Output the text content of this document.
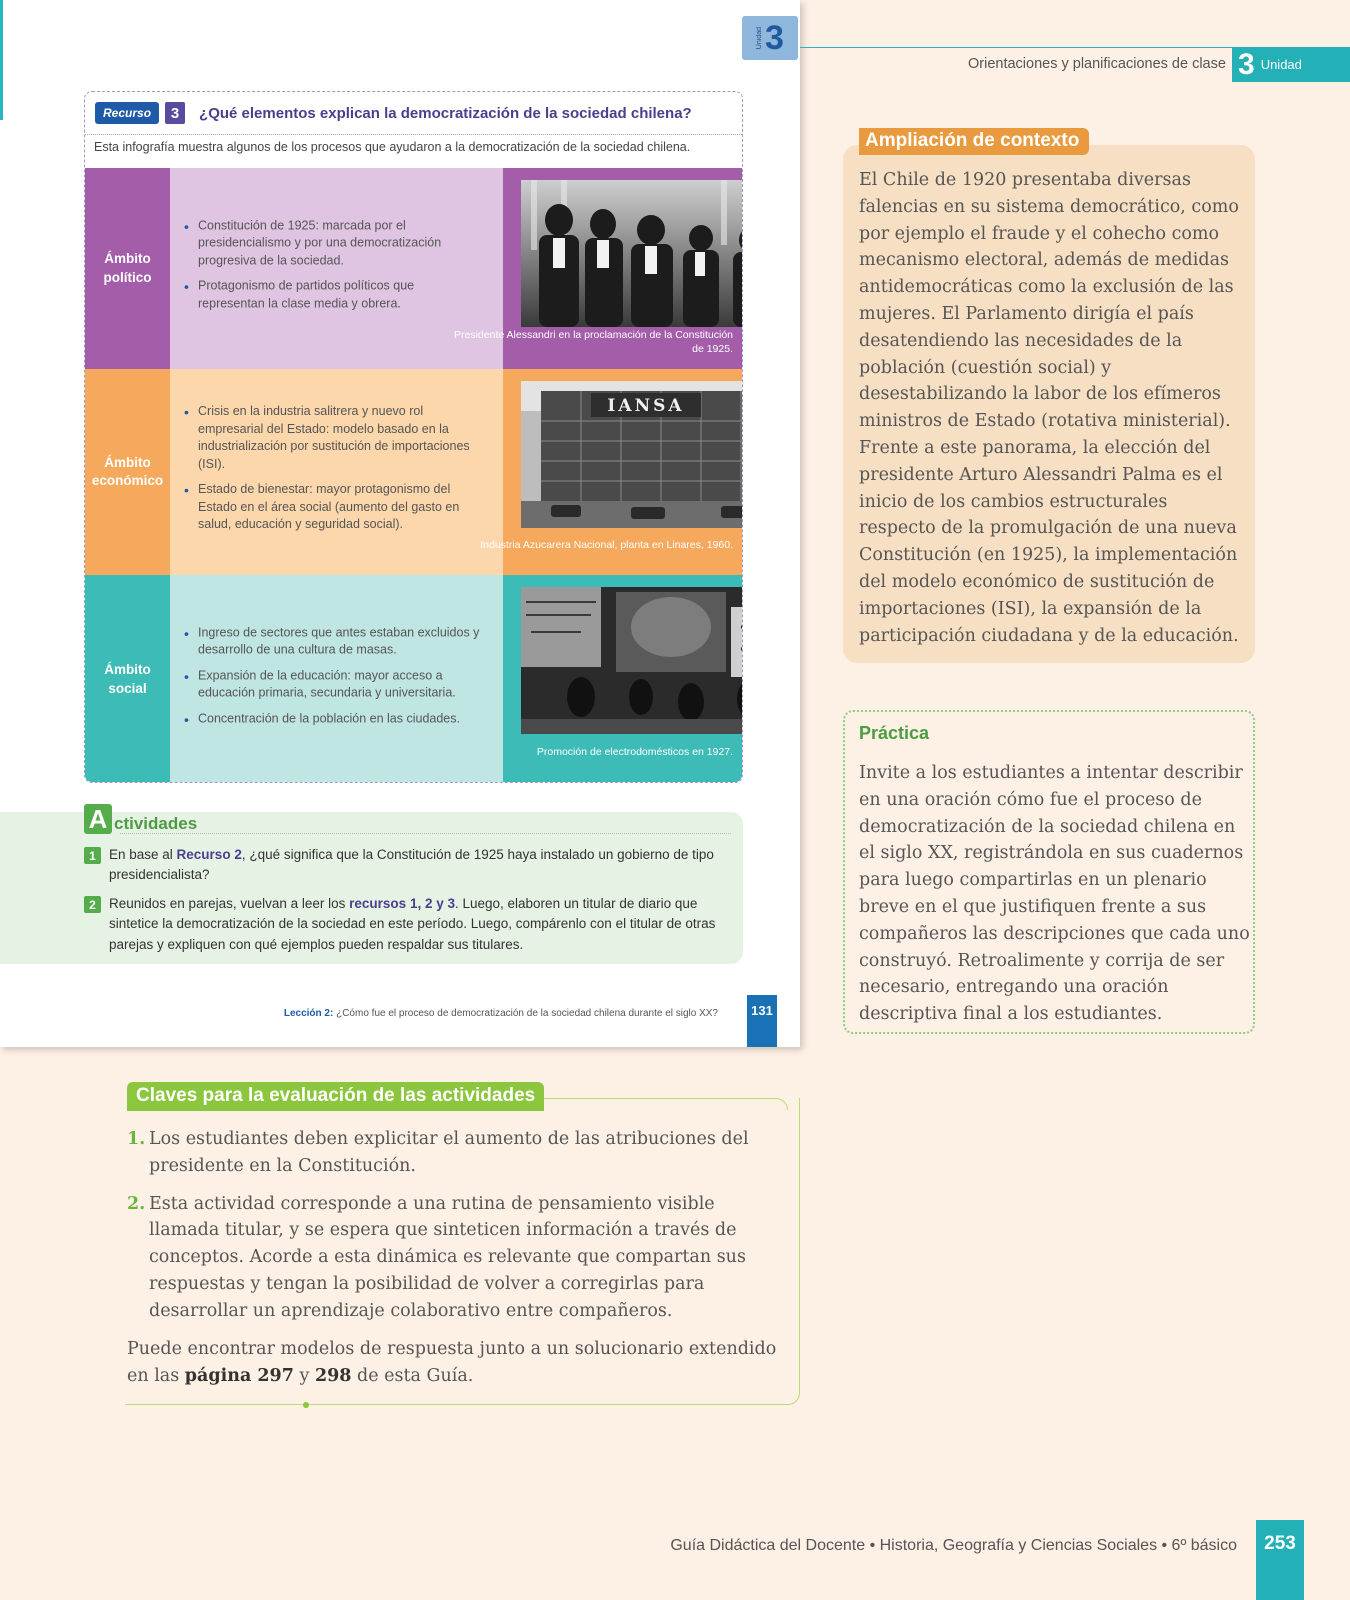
Unidad 3
Recurso	3	¿Qué elementos explican la democratización de la sociedad chilena?
Esta infografía muestra algunos de los procesos que ayudaron a la democratización de la sociedad chilena.
Ámbito político
• Constitución de 1925: marcada por el presidencialismo y por una democratización progresiva de la sociedad.
• Protagonismo de partidos políticos que representan la clase media y obrera.
Presidente Alessandri en la proclamación de la Constitución de 1925.
Ámbito económico
• Crisis en la industria salitrera y nuevo rol empresarial del Estado: modelo basado en la industrialización por sustitución de importaciones (ISI).
• Estado de bienestar: mayor protagonismo del Estado en el área social (aumento del gasto en salud, educación y seguridad social).
IANSA
Industria Azucarera Nacional, planta en Linares, 1960.
Ámbito social
• Ingreso de sectores que antes estaban excluidos y desarrollo de una cultura de masas.
• Expansión de la educación: mayor acceso a educación primaria, secundaria y universitaria.
• Concentración de la población en las ciudades.
Promoción de electrodomésticos en 1927.
A ctividades
1 En base al Recurso 2, ¿qué significa que la Constitución de 1925 haya instalado un gobierno de tipo presidencialista?
2 Reunidos en parejas, vuelvan a leer los recursos 1, 2 y 3. Luego, elaboren un titular de diario que sintetice la democratización de la sociedad en este período. Luego, compárenlo con el titular de otras parejas y expliquen con qué ejemplos pueden respaldar sus titulares.
Lección 2: ¿Cómo fue el proceso de democratización de la sociedad chilena durante el siglo XX?	131
Orientaciones y planificaciones de clase 3 Unidad
Ampliación de contexto
El Chile de 1920 presentaba diversas falencias en su sistema democrático, como por ejemplo el fraude y el cohecho como mecanismo electoral, además de medidas antidemocráticas como la exclusión de las mujeres. El Parlamento dirigía el país desatendiendo las necesidades de la población (cuestión social) y desestabilizando la labor de los efímeros ministros de Estado (rotativa ministerial). Frente a este panorama, la elección del presidente Arturo Alessandri Palma es el inicio de los cambios estructurales respecto de la promulgación de una nueva Constitución (en 1925), la implementación del modelo económico de sustitución de importaciones (ISI), la expansión de la participación ciudadana y de la educación.
Práctica
Invite a los estudiantes a intentar describir en una oración cómo fue el proceso de democratización de la sociedad chilena en el siglo XX, registrándola en sus cuadernos para luego compartirlas en un plenario breve en el que justifiquen frente a sus compañeros las descripciones que cada uno construyó. Retroalimente y corrija de ser necesario, entregando una oración descriptiva final a los estudiantes.
Claves para la evaluación de las actividades
1. Los estudiantes deben explicitar el aumento de las atribuciones del presidente en la Constitución.
2. Esta actividad corresponde a una rutina de pensamiento visible llamada titular, y se espera que sinteticen información a través de conceptos. Acorde a esta dinámica es relevante que compartan sus respuestas y tengan la posibilidad de volver a corregirlas para desarrollar un aprendizaje colaborativo entre compañeros.
Puede encontrar modelos de respuesta junto a un solucionario extendido en las página 297 y 298 de esta Guía.
Guía Didáctica del Docente • Historia, Geografía y Ciencias Sociales • 6º básico	253
